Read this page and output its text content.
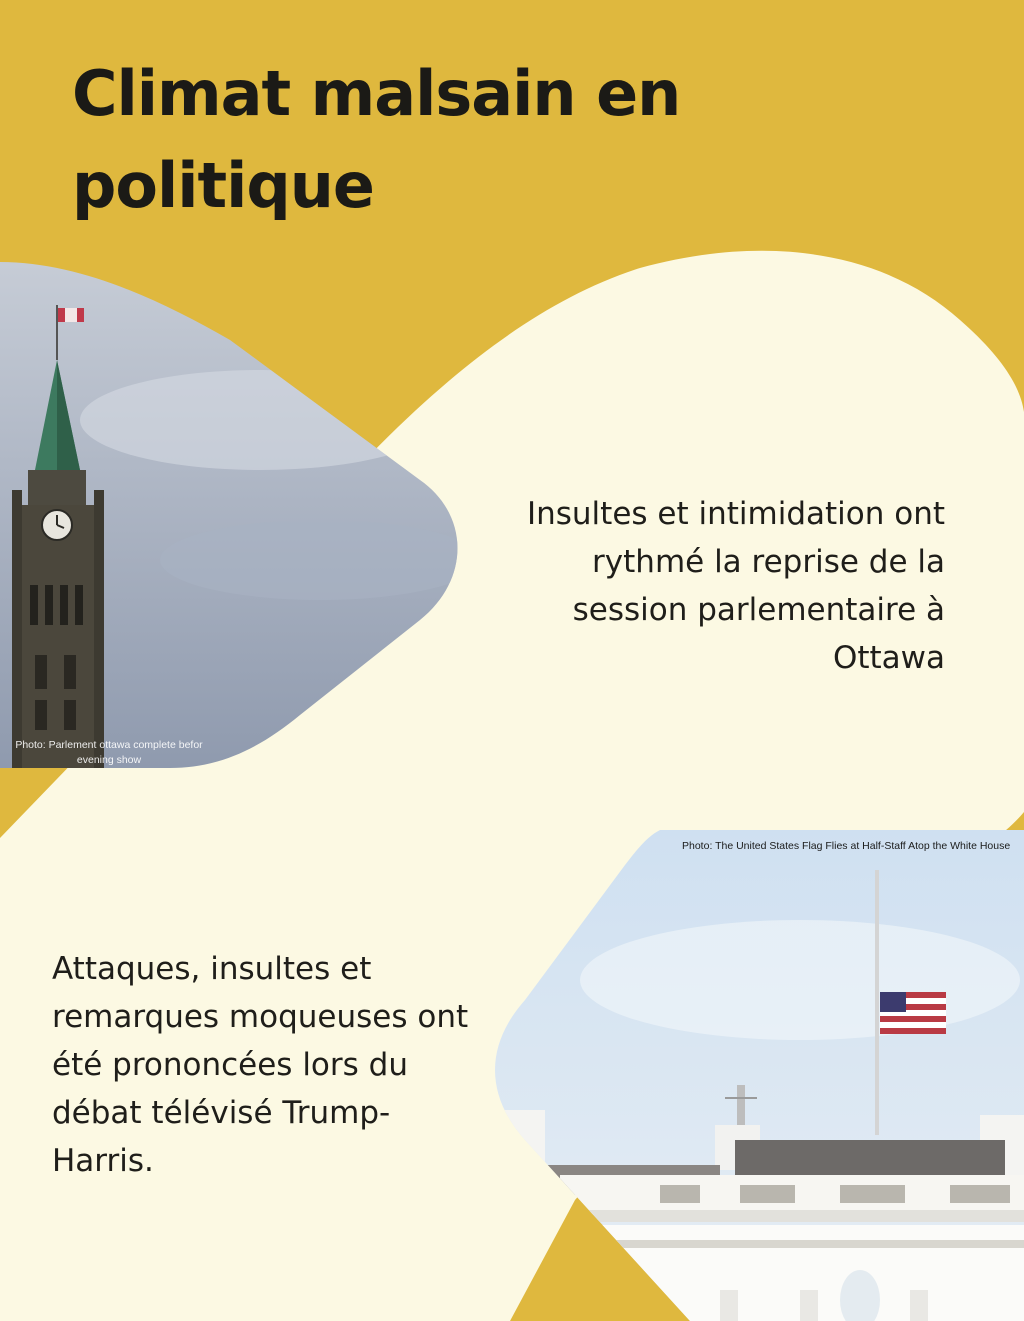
Climat malsain en politique
Insultes et intimidation ont rythmé la reprise de la session parlementaire à Ottawa
Photo: Parlement ottawa complete befor evening show
Attaques, insultes et remarques moqueuses ont été prononcées lors du débat télévisé Trump-Harris.
Photo: The United States Flag Flies at Half-Staff Atop the White House
